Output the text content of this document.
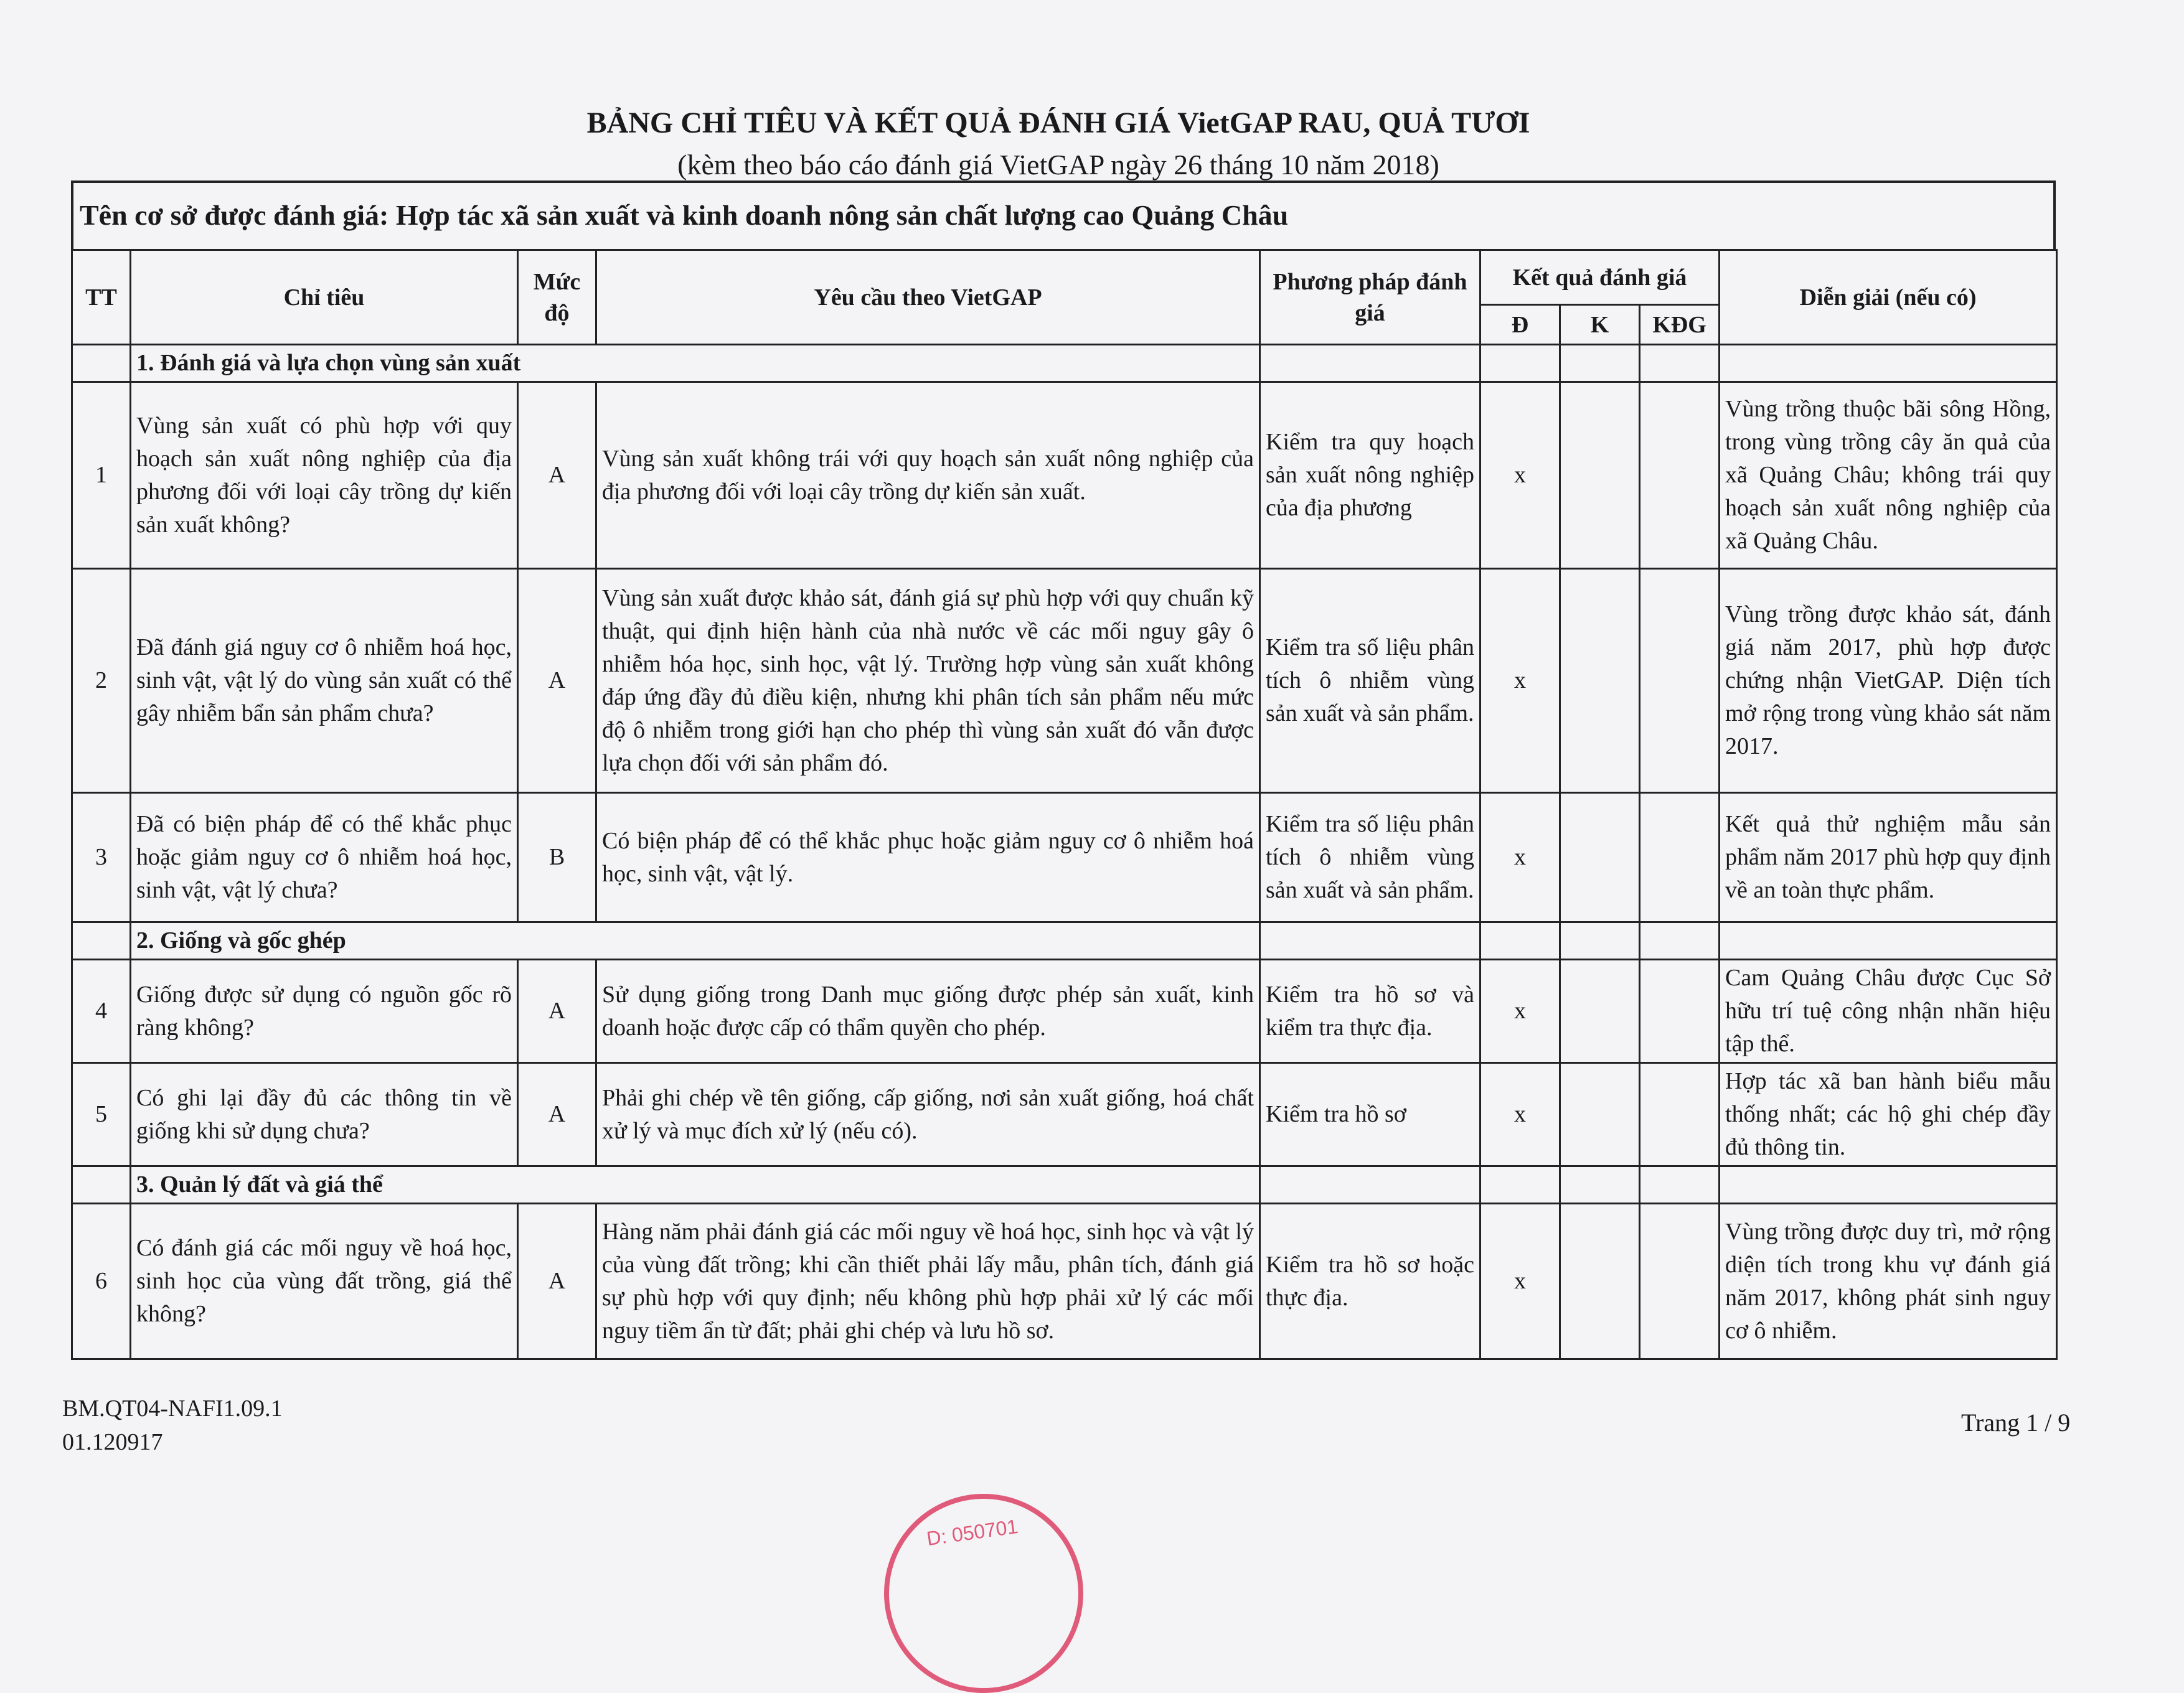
BẢNG CHỈ TIÊU VÀ KẾT QUẢ ĐÁNH GIÁ VietGAP RAU, QUẢ TƯƠI
(kèm theo báo cáo đánh giá VietGAP ngày 26 tháng 10 năm 2018)
Tên cơ sở được đánh giá: Hợp tác xã sản xuất và kinh doanh nông sản chất lượng cao Quảng Châu
TT	Chỉ tiêu	Mức độ	Yêu cầu theo VietGAP	Phương pháp đánh giá	Kết quả đánh giá			Diễn giải (nếu có)
					Đ	K	KĐG	
	1. Đánh giá và lựa chọn vùng sản xuất							
1	Vùng sản xuất có phù hợp với quy hoạch sản xuất nông nghiệp của địa phương đối với loại cây trồng dự kiến sản xuất không?	A	Vùng sản xuất không trái với quy hoạch sản xuất nông nghiệp của địa phương đối với loại cây trồng dự kiến sản xuất.	Kiểm tra quy hoạch sản xuất nông nghiệp của địa phương	x			Vùng trồng thuộc bãi sông Hồng, trong vùng trồng cây ăn quả của xã Quảng Châu; không trái quy hoạch sản xuất nông nghiệp của xã Quảng Châu.
2	Đã đánh giá nguy cơ ô nhiễm hoá học, sinh vật, vật lý do vùng sản xuất có thể gây nhiễm bẩn sản phẩm chưa?	A	Vùng sản xuất được khảo sát, đánh giá sự phù hợp với quy chuẩn kỹ thuật, qui định hiện hành của nhà nước về các mối nguy gây ô nhiễm hóa học, sinh học, vật lý. Trường hợp vùng sản xuất không đáp ứng đầy đủ điều kiện, nhưng khi phân tích sản phẩm nếu mức độ ô nhiễm trong giới hạn cho phép thì vùng sản xuất đó vẫn được lựa chọn đối với sản phẩm đó.	Kiểm tra số liệu phân tích ô nhiễm vùng sản xuất và sản phẩm.	x			Vùng trồng được khảo sát, đánh giá năm 2017, phù hợp được chứng nhận VietGAP. Diện tích mở rộng trong vùng khảo sát năm 2017.
3	Đã có biện pháp để có thể khắc phục hoặc giảm nguy cơ ô nhiễm hoá học, sinh vật, vật lý chưa?	B	Có biện pháp để có thể khắc phục hoặc giảm nguy cơ ô nhiễm hoá học, sinh vật, vật lý.	Kiểm tra số liệu phân tích ô nhiễm vùng sản xuất và sản phẩm.	x			Kết quả thử nghiệm mẫu sản phẩm năm 2017 phù hợp quy định về an toàn thực phẩm.
	2. Giống và gốc ghép							
4	Giống được sử dụng có nguồn gốc rõ ràng không?	A	Sử dụng giống trong Danh mục giống được phép sản xuất, kinh doanh hoặc được cấp có thẩm quyền cho phép.	Kiểm tra hồ sơ và kiểm tra thực địa.	x			Cam Quảng Châu được Cục Sở hữu trí tuệ công nhận nhãn hiệu tập thể.
5	Có ghi lại đầy đủ các thông tin về giống khi sử dụng chưa?	A	Phải ghi chép về tên giống, cấp giống, nơi sản xuất giống, hoá chất xử lý và mục đích xử lý (nếu có).	Kiểm tra hồ sơ	x			Hợp tác xã ban hành biểu mẫu thống nhất; các hộ ghi chép đầy đủ thông tin.
	3. Quản lý đất và giá thể							
6	Có đánh giá các mối nguy về hoá học, sinh học của vùng đất trồng, giá thể không?	A	Hàng năm phải đánh giá các mối nguy về hoá học, sinh học và vật lý của vùng đất trồng; khi cần thiết phải lấy mẫu, phân tích, đánh giá sự phù hợp với quy định; nếu không phù hợp phải xử lý các mối nguy tiềm ẩn từ đất; phải ghi chép và lưu hồ sơ.	Kiểm tra hồ sơ hoặc thực địa.	x			Vùng trồng được duy trì, mở rộng diện tích trong khu vự đánh giá năm 2017, không phát sinh nguy cơ ô nhiễm.
BM.QT04-NAFI1.09.1
01.120917
Trang 1 / 9
D: 050701
